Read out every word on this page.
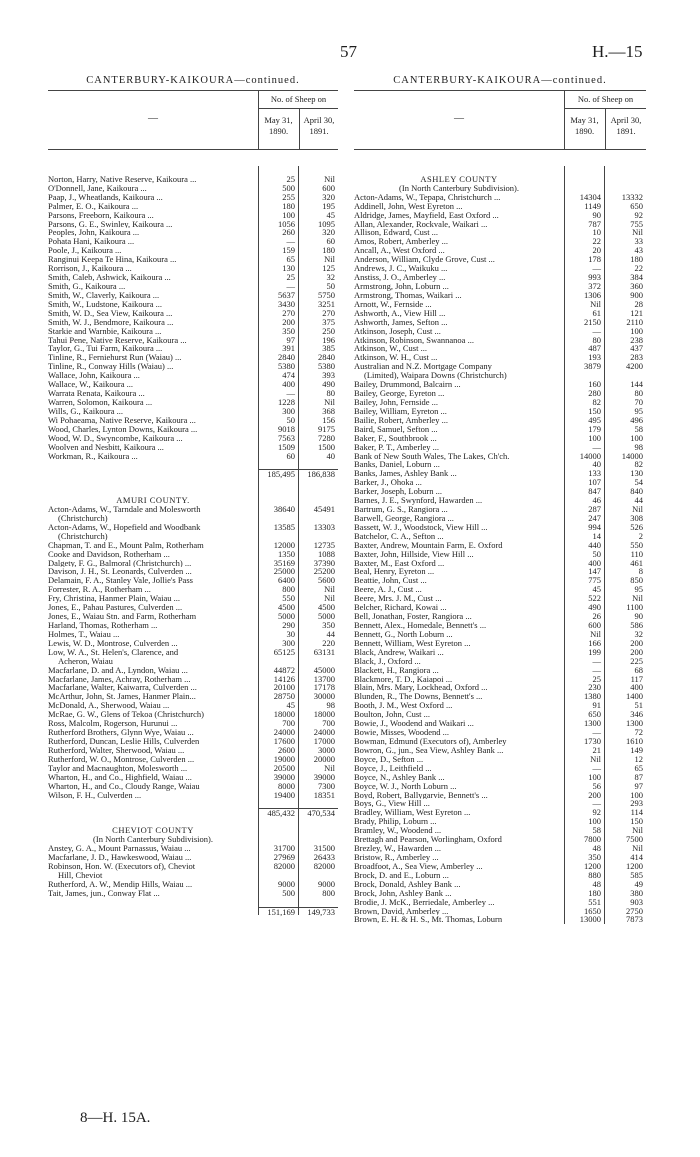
57	H.—15
CANTERBURY-KAIKOURA—continued.
—
No. of Sheep on
May 31, 1890.
April 30, 1891.
Norton, Harry, Native Reserve, Kaikoura ...	25	Nil
O'Donnell, Jane, Kaikoura ...	500	600
Paap, J., Wheatlands, Kaikoura ...	255	320
Palmer, E. O., Kaikoura ...	180	195
Parsons, Freeborn, Kaikoura ...	100	45
Parsons, G. E., Swinley, Kaikoura ...	1056	1095
Peoples, John, Kaikoura ...	260	320
Pohata Hani, Kaikoura ...	—	60
Poole, J., Kaikoura ...	159	180
Ranginui Keepa Te Hina, Kaikoura ...	65	Nil
Rorrison, J., Kaikoura ...	130	125
Smith, Caleb, Ashwick, Kaikoura ...	25	32
Smith, G., Kaikoura ...	—	50
Smith, W., Claverly, Kaikoura ...	5637	5750
Smith, W., Ludstone, Kaikoura ...	3430	3251
Smith, W. D., Sea View, Kaikoura ...	270	270
Smith, W. J., Bendmore, Kaikoura ...	200	375
Starkie and Warnbie, Kaikoura ...	350	250
Tahui Pene, Native Reserve, Kaikoura ...	97	196
Taylor, G., Tui Farm, Kaikoura ...	391	385
Tinline, R., Ferniehurst Run (Waiau) ...	2840	2840
Tinline, R., Conway Hills (Waiau) ...	5380	5380
Wallace, John, Kaikoura ...	474	393
Wallace, W., Kaikoura ...	400	490
Warrata Renata, Kaikoura ...	—	80
Warren, Solomon, Kaikoura ...	1228	Nil
Wills, G., Kaikoura ...	300	368
Wi Pohaeama, Native Reserve, Kaikoura ...	50	156
Wood, Charles, Lynton Downs, Kaikoura ...	9018	9175
Wood, W. D., Swyncombe, Kaikoura ...	7563	7280
Woolven and Nesbitt, Kaikoura ...	1509	1500
Workman, R., Kaikoura ...	60	40
185,495	186,838
AMURI COUNTY.
Acton-Adams, W., Tarndale and Molesworth	38640	45491
(Christchurch)
Acton-Adams, W., Hopefield and Woodbank	13585	13303
(Christchurch)
Chapman, T. and E., Mount Palm, Rotherham	12000	12735
Cooke and Davidson, Rotherham ...	1350	1088
Dalgety, F. G., Balmoral (Christchurch) ...	35169	37390
Davison, J. H., St. Leonards, Culverden ...	25000	25200
Delamain, F. A., Stanley Vale, Jollie's Pass	6400	5600
Forrester, R. A., Rotherham ...	800	Nil
Fry, Christina, Hanmer Plain, Waiau ...	550	Nil
Jones, E., Pahau Pastures, Culverden ...	4500	4500
Jones, E., Waiau Stn. and Farm, Rotherham	5000	5000
Harland, Thomas, Rotherham ...	290	350
Holmes, T., Waiau ...	30	44
Lewis, W. D., Montrose, Culverden ...	300	220
Low, W. A., St. Helen's, Clarence, and	65125	63131
Acheron, Waiau
Macfarlane, D. and A., Lyndon, Waiau ...	44872	45000
Macfarlane, James, Achray, Rotherham ...	14126	13700
Macfarlane, Walter, Kaiwarra, Culverden ...	20100	17178
McArthur, John, St. James, Hanmer Plain...	28750	30000
McDonald, A., Sherwood, Waiau ...	45	98
McRae, G. W., Glens of Tekoa (Christchurch)	18000	18000
Ross, Malcolm, Rogerson, Hurunui ...	700	700
Rutherford Brothers, Glynn Wye, Waiau ...	24000	24000
Rutherford, Duncan, Leslie Hills, Culverden	17600	17000
Rutherford, Walter, Sherwood, Waiau ...	2600	3000
Rutherford, W. O., Montrose, Culverden ...	19000	20000
Taylor and Macnaughton, Molesworth ...	20500	Nil
Wharton, H., and Co., Highfield, Waiau ...	39000	39000
Wharton, H., and Co., Cloudy Range, Waiau	8000	7300
Wilson, F. H., Culverden ...	19400	18351
485,432	470,534
CHEVIOT COUNTY
(In North Canterbury Subdivision).
Anstey, G. A., Mount Parnassus, Waiau ...	31700	31500
Macfarlane, J. D., Hawkeswood, Waiau ...	27969	26433
Robinson, Hon. W. (Executors of), Cheviot	82000	82000
Hill, Cheviot
Rutherford, A. W., Mendip Hills, Waiau ...	9000	9000
Tait, James, jun., Conway Flat ...	500	800
151,169	149,733
CANTERBURY-KAIKOURA—continued.
—
No. of Sheep on
May 31, 1890.
April 30, 1891.
ASHLEY COUNTY
(In North Canterbury Subdivision).
Acton-Adams, W., Tepapa, Christchurch ...	14304	13332
Addinell, John, West Eyreton ...	1149	650
Aldridge, James, Mayfield, East Oxford ...	90	92
Allan, Alexander, Rockvale, Waikari ...	787	755
Allison, Edward, Cust ...	10	Nil
Amos, Robert, Amberley ...	22	33
Ancall, A., West Oxford ...	20	43
Anderson, William, Clyde Grove, Cust ...	178	180
Andrews, J. C., Waikuku ...	—	22
Anstiss, J. O., Amberley ...	993	384
Armstrong, John, Loburn ...	372	360
Armstrong, Thomas, Waikari ...	1306	900
Arnott, W., Fernside ...	Nil	28
Ashworth, A., View Hill ...	61	121
Ashworth, James, Sefton ...	2150	2110
Atkinson, Joseph, Cust ...	—	100
Atkinson, Robinson, Swannanoa ...	80	238
Atkinson, W., Cust ...	487	437
Atkinson, W. H., Cust ...	193	283
Australian and N.Z. Mortgage Company	3879	4200
(Limited), Waipara Downs (Christchurch)
Bailey, Drummond, Balcairn ...	160	144
Bailey, George, Eyreton ...	280	80
Bailey, John, Fernside ...	82	70
Bailey, William, Eyreton ...	150	95
Bailie, Robert, Amberley ...	495	496
Baird, Samuel, Sefton ...	179	58
Baker, F., Southbrook ...	100	100
Baker, P. T., Amberley ...	—	98
Bank of New South Wales, The Lakes, Ch'ch.	14000	14000
Banks, Daniel, Loburn ...	40	82
Banks, James, Ashley Bank ...	133	130
Barker, J., Ohoka ...	107	54
Barker, Joseph, Loburn ...	847	840
Barnes, J. E., Swynford, Hawarden ...	46	44
Bartrum, G. S., Rangiora ...	287	Nil
Barwell, George, Rangiora ...	247	308
Bassett, W. J., Woodstock, View Hill ...	994	526
Batchelor, C. A., Sefton ...	14	2
Baxter, Andrew, Mountain Farm, E. Oxford	440	550
Baxter, John, Hillside, View Hill ...	50	110
Baxter, M., East Oxford ...	400	461
Beal, Henry, Eyreton ...	147	8
Beattie, John, Cust ...	775	850
Beere, A. J., Cust ...	45	95
Beere, Mrs. J. M., Cust ...	522	Nil
Belcher, Richard, Kowai ...	490	1100
Bell, Jonathan, Foster, Rangiora ...	26	90
Bennett, Alex., Homedale, Bennett's ...	600	586
Bennett, G., North Loburn ...	Nil	32
Bennett, William, West Eyreton ...	166	200
Black, Andrew, Waikari ...	199	200
Black, J., Oxford ...	—	225
Blackett, H., Rangiora ...	—	68
Blackmore, T. D., Kaiapoi ...	25	117
Blain, Mrs. Mary, Lockhead, Oxford ...	230	400
Blunden, R., The Downs, Bennett's ...	1380	1400
Booth, J. M., West Oxford ...	91	51
Boulton, John, Cust ...	650	346
Bowie, J., Woodend and Waikari ...	1300	1300
Bowie, Misses, Woodend ...	—	72
Bowman, Edmund (Executors of), Amberley	1730	1610
Bowron, G., jun., Sea View, Ashley Bank ...	21	149
Boyce, D., Sefton ...	Nil	12
Boyce, J., Leithfield ...	—	65
Boyce, N., Ashley Bank ...	100	87
Boyce, W. J., North Loburn ...	56	97
Boyd, Robert, Ballygarvie, Bennett's ...	200	100
Boys, G., View Hill ...	—	293
Bradley, William, West Eyreton ...	92	114
Brady, Philip, Loburn ...	100	150
Bramley, W., Woodend ...	58	Nil
Brettagh and Pearson, Worlingham, Oxford	7800	7500
Brezley, W., Hawarden ...	48	Nil
Bristow, R., Amberley ...	350	414
Broadfoot, A., Sea View, Amberley ...	1200	1200
Brock, D. and E., Loburn ...	880	585
Brock, Donald, Ashley Bank ...	48	49
Brock, John, Ashley Bank ...	180	380
Brodie, J. McK., Berriedale, Amberley ...	551	903
Brown, David, Amberley ...	1650	2750
Brown, E. H. & H. S., Mt. Thomas, Loburn	13000	7873
8—H. 15A.
